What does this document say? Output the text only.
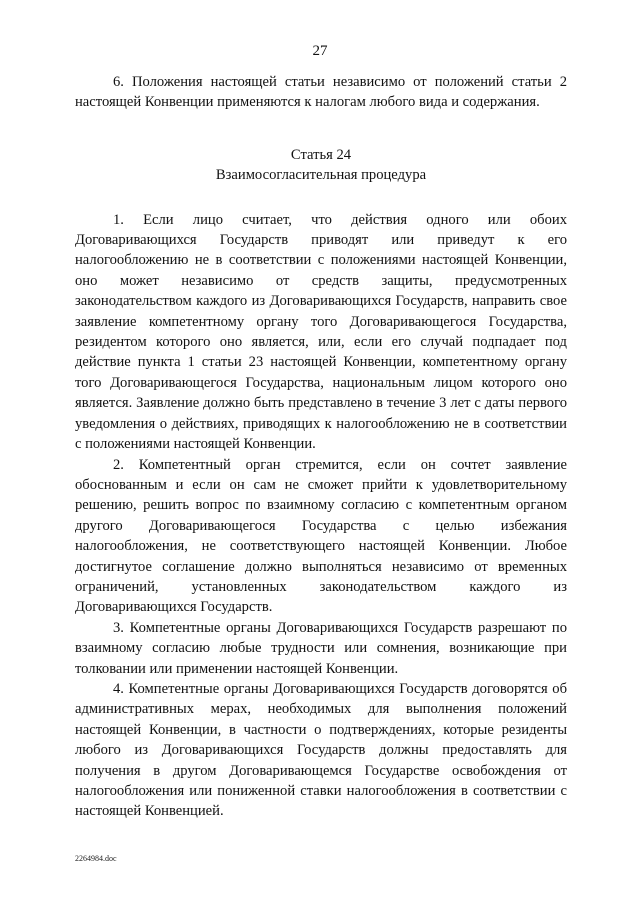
27

6. Положения настоящей статьи независимо от положений статьи 2 настоящей Конвенции применяются к налогам любого вида и содержания.

Статья 24

Взаимосогласительная процедура

1. Если лицо считает, что действия одного или обоих Договаривающихся Государств приводят или приведут к его налогообложению не в соответствии с положениями настоящей Конвенции, оно может независимо от средств защиты, предусмотренных законодательством каждого из Договаривающихся Государств, направить свое заявление компетентному органу того Договаривающегося Государства, резидентом которого оно является, или, если его случай подпадает под действие пункта 1 статьи 23 настоящей Конвенции, компетентному органу того Договаривающегося Государства, национальным лицом которого оно является. Заявление должно быть представлено в течение 3 лет с даты первого уведомления о действиях, приводящих к налогообложению не в соответствии с положениями настоящей Конвенции.

2. Компетентный орган стремится, если он сочтет заявление обоснованным и если он сам не сможет прийти к удовлетворительному решению, решить вопрос по взаимному согласию с компетентным органом другого Договаривающегося Государства с целью избежания налогообложения, не соответствующего настоящей Конвенции. Любое достигнутое соглашение должно выполняться независимо от временных ограничений, установленных законодательством каждого из Договаривающихся Государств.

3. Компетентные органы Договаривающихся Государств разрешают по взаимному согласию любые трудности или сомнения, возникающие при толковании или применении настоящей Конвенции.

4. Компетентные органы Договаривающихся Государств договорятся об административных мерах, необходимых для выполнения положений настоящей Конвенции, в частности о подтверждениях, которые резиденты любого из Договаривающихся Государств должны предоставлять для получения в другом Договаривающемся Государстве освобождения от налогообложения или пониженной ставки налогообложения в соответствии с настоящей Конвенцией.

2264984.doc
